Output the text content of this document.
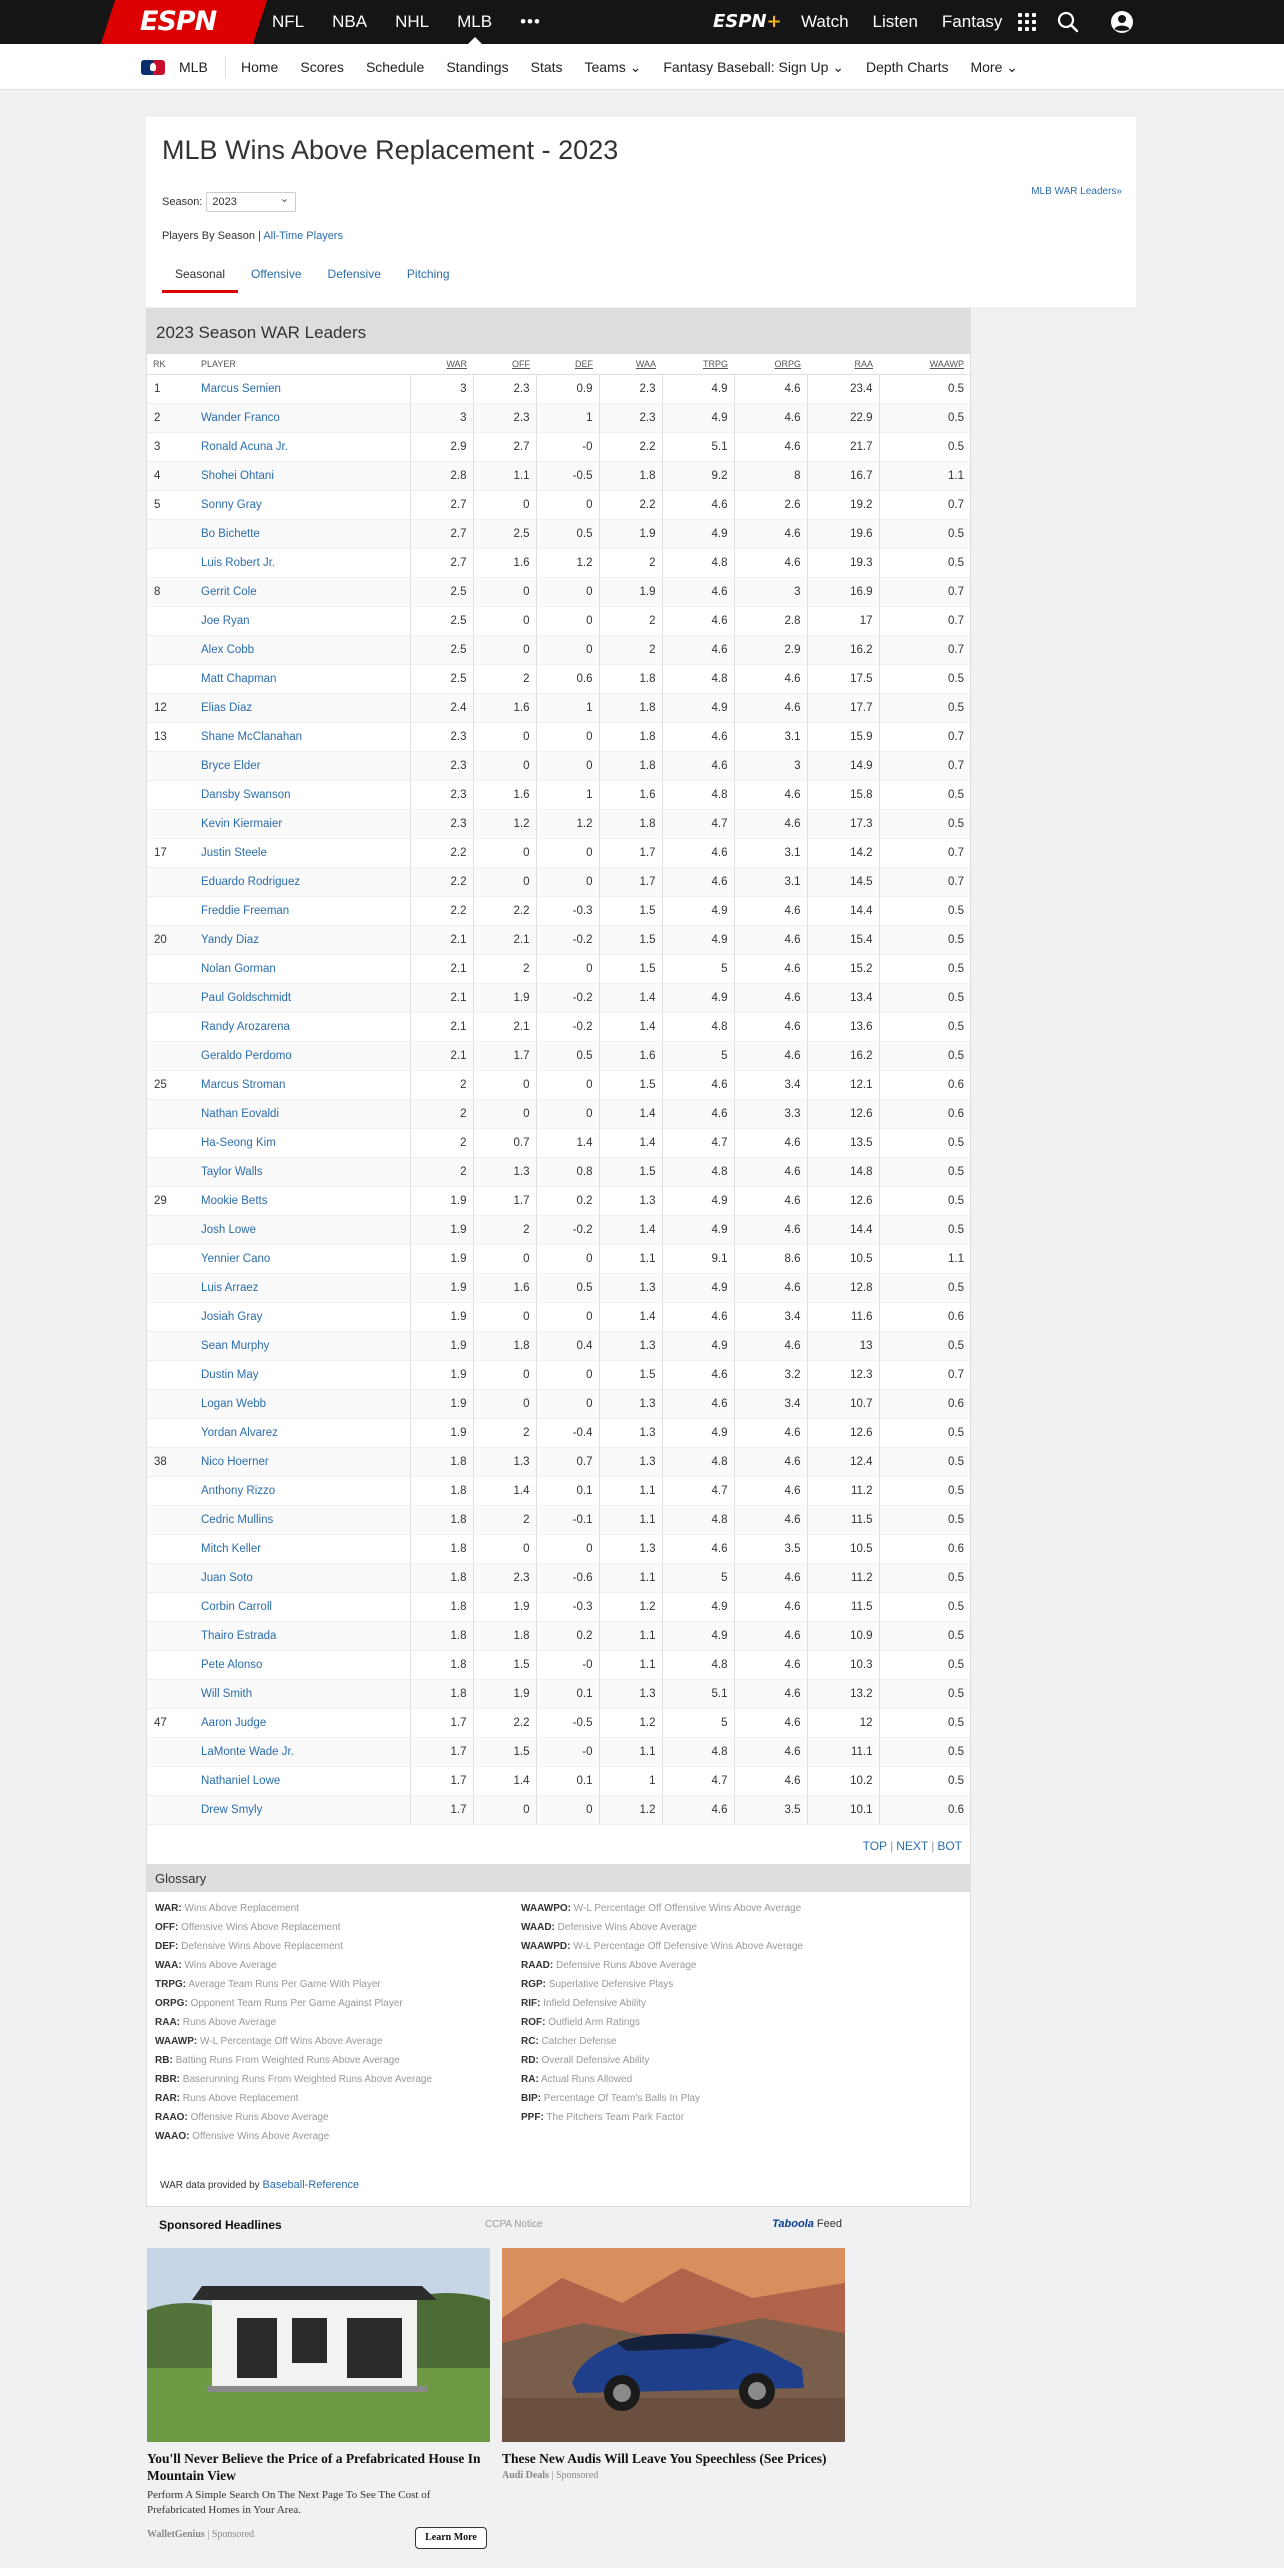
ESPN	NFL NBA NHL MLB •••	ESPN+ Watch Listen Fantasy
MLB Home Scores Schedule Standings Stats Teams ⌄ Fantasy Baseball: Sign Up ⌄ Depth Charts More ⌄
MLB Wins Above Replacement - 2023
Season: 2023 ⌄
MLB WAR Leaders»
Players By Season | All-Time Players
Seasonal	Offensive	Defensive	Pitching
2023 Season WAR Leaders
RK	PLAYER	WAR	OFF	DEF	WAA	TRPG	ORPG	RAA	WAAWP
1	Marcus Semien	3	2.3	0.9	2.3	4.9	4.6	23.4	0.5
2	Wander Franco	3	2.3	1	2.3	4.9	4.6	22.9	0.5
3	Ronald Acuna Jr.	2.9	2.7	-0	2.2	5.1	4.6	21.7	0.5
4	Shohei Ohtani	2.8	1.1	-0.5	1.8	9.2	8	16.7	1.1
5	Sonny Gray	2.7	0	0	2.2	4.6	2.6	19.2	0.7
	Bo Bichette	2.7	2.5	0.5	1.9	4.9	4.6	19.6	0.5
	Luis Robert Jr.	2.7	1.6	1.2	2	4.8	4.6	19.3	0.5
8	Gerrit Cole	2.5	0	0	1.9	4.6	3	16.9	0.7
	Joe Ryan	2.5	0	0	2	4.6	2.8	17	0.7
	Alex Cobb	2.5	0	0	2	4.6	2.9	16.2	0.7
	Matt Chapman	2.5	2	0.6	1.8	4.8	4.6	17.5	0.5
12	Elias Diaz	2.4	1.6	1	1.8	4.9	4.6	17.7	0.5
13	Shane McClanahan	2.3	0	0	1.8	4.6	3.1	15.9	0.7
	Bryce Elder	2.3	0	0	1.8	4.6	3	14.9	0.7
	Dansby Swanson	2.3	1.6	1	1.6	4.8	4.6	15.8	0.5
	Kevin Kiermaier	2.3	1.2	1.2	1.8	4.7	4.6	17.3	0.5
17	Justin Steele	2.2	0	0	1.7	4.6	3.1	14.2	0.7
	Eduardo Rodriguez	2.2	0	0	1.7	4.6	3.1	14.5	0.7
	Freddie Freeman	2.2	2.2	-0.3	1.5	4.9	4.6	14.4	0.5
20	Yandy Diaz	2.1	2.1	-0.2	1.5	4.9	4.6	15.4	0.5
	Nolan Gorman	2.1	2	0	1.5	5	4.6	15.2	0.5
	Paul Goldschmidt	2.1	1.9	-0.2	1.4	4.9	4.6	13.4	0.5
	Randy Arozarena	2.1	2.1	-0.2	1.4	4.8	4.6	13.6	0.5
	Geraldo Perdomo	2.1	1.7	0.5	1.6	5	4.6	16.2	0.5
25	Marcus Stroman	2	0	0	1.5	4.6	3.4	12.1	0.6
	Nathan Eovaldi	2	0	0	1.4	4.6	3.3	12.6	0.6
	Ha-Seong Kim	2	0.7	1.4	1.4	4.7	4.6	13.5	0.5
	Taylor Walls	2	1.3	0.8	1.5	4.8	4.6	14.8	0.5
29	Mookie Betts	1.9	1.7	0.2	1.3	4.9	4.6	12.6	0.5
	Josh Lowe	1.9	2	-0.2	1.4	4.9	4.6	14.4	0.5
	Yennier Cano	1.9	0	0	1.1	9.1	8.6	10.5	1.1
	Luis Arraez	1.9	1.6	0.5	1.3	4.9	4.6	12.8	0.5
	Josiah Gray	1.9	0	0	1.4	4.6	3.4	11.6	0.6
	Sean Murphy	1.9	1.8	0.4	1.3	4.9	4.6	13	0.5
	Dustin May	1.9	0	0	1.5	4.6	3.2	12.3	0.7
	Logan Webb	1.9	0	0	1.3	4.6	3.4	10.7	0.6
	Yordan Alvarez	1.9	2	-0.4	1.3	4.9	4.6	12.6	0.5
38	Nico Hoerner	1.8	1.3	0.7	1.3	4.8	4.6	12.4	0.5
	Anthony Rizzo	1.8	1.4	0.1	1.1	4.7	4.6	11.2	0.5
	Cedric Mullins	1.8	2	-0.1	1.1	4.8	4.6	11.5	0.5
	Mitch Keller	1.8	0	0	1.3	4.6	3.5	10.5	0.6
	Juan Soto	1.8	2.3	-0.6	1.1	5	4.6	11.2	0.5
	Corbin Carroll	1.8	1.9	-0.3	1.2	4.9	4.6	11.5	0.5
	Thairo Estrada	1.8	1.8	0.2	1.1	4.9	4.6	10.9	0.5
	Pete Alonso	1.8	1.5	-0	1.1	4.8	4.6	10.3	0.5
	Will Smith	1.8	1.9	0.1	1.3	5.1	4.6	13.2	0.5
47	Aaron Judge	1.7	2.2	-0.5	1.2	5	4.6	12	0.5
	LaMonte Wade Jr.	1.7	1.5	-0	1.1	4.8	4.6	11.1	0.5
	Nathaniel Lowe	1.7	1.4	0.1	1	4.7	4.6	10.2	0.5
	Drew Smyly	1.7	0	0	1.2	4.6	3.5	10.1	0.6
TOP | NEXT | BOT
Glossary
WAR: Wins Above Replacement
OFF: Offensive Wins Above Replacement
DEF: Defensive Wins Above Replacement
WAA: Wins Above Average
TRPG: Average Team Runs Per Game With Player
ORPG: Opponent Team Runs Per Game Against Player
RAA: Runs Above Average
WAAWP: W-L Percentage Off Wins Above Average
RB: Batting Runs From Weighted Runs Above Average
RBR: Baserunning Runs From Weighted Runs Above Average
RAR: Runs Above Replacement
RAAO: Offensive Runs Above Average
WAAO: Offensive Wins Above Average
WAAWPO: W-L Percentage Off Offensive Wins Above Average
WAAD: Defensive Wins Above Average
WAAWPD: W-L Percentage Off Defensive Wins Above Average
RAAD: Defensive Runs Above Average
RGP: Superlative Defensive Plays
RIF: Infield Defensive Ability
ROF: Outfield Arm Ratings
RC: Catcher Defense
RD: Overall Defensive Ability
RA: Actual Runs Allowed
BIP: Percentage Of Team's Balls In Play
PPF: The Pitchers Team Park Factor
WAR data provided by Baseball-Reference
Sponsored Headlines	CCPA Notice	Taboola Feed
You'll Never Believe the Price of a Prefabricated House In Mountain View
Perform A Simple Search On The Next Page To See The Cost of Prefabricated Homes in Your Area.
WalletGenius | Sponsored	Learn More
These New Audis Will Leave You Speechless (See Prices)
Audi Deals | Sponsored
